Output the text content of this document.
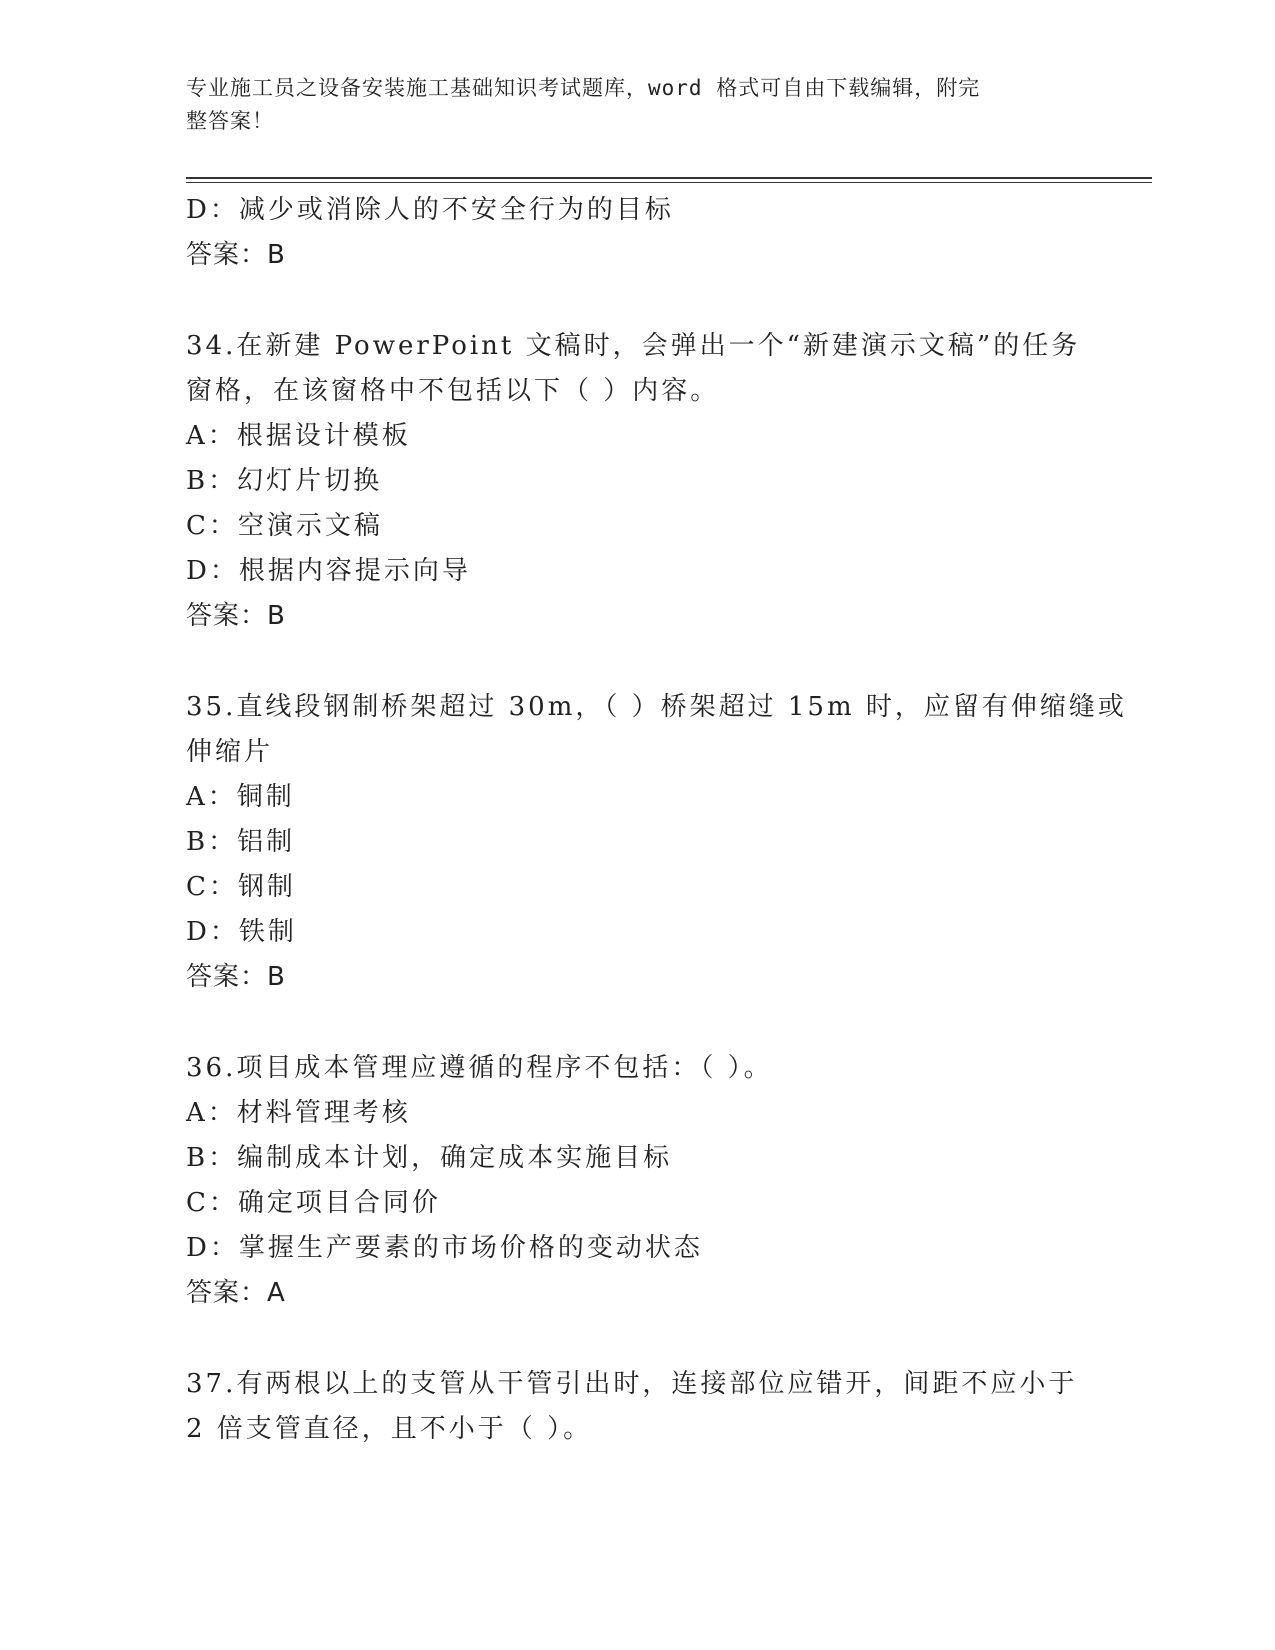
专业施工员之设备安装施工基础知识考试题库，word 格式可自由下载编辑，附完
整答案！
D：减少或消除人的不安全行为的目标
答案：B
34.在新建 PowerPoint 文稿时，会弹出一个“新建演示文稿”的任务
窗格，在该窗格中不包括以下（ ）内容。
A：根据设计模板
B：幻灯片切换
C：空演示文稿
D：根据内容提示向导
答案：B
35.直线段钢制桥架超过 30m，（ ）桥架超过 15m 时，应留有伸缩缝或
伸缩片
A：铜制
B：铝制
C：钢制
D：铁制
答案：B
36.项目成本管理应遵循的程序不包括：（ ）。
A：材料管理考核
B：编制成本计划，确定成本实施目标
C：确定项目合同价
D：掌握生产要素的市场价格的变动状态
答案：A
37.有两根以上的支管从干管引出时，连接部位应错开，间距不应小于
2 倍支管直径，且不小于（ ）。
